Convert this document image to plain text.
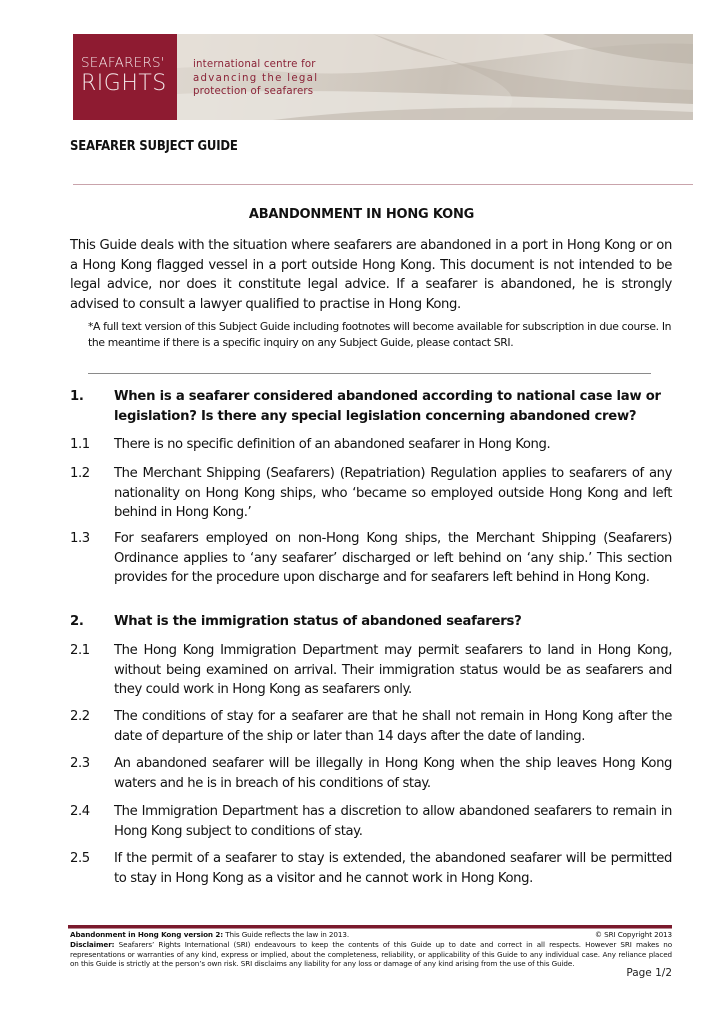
SEAFARERS'
RIGHTS
international centre for
advancing the legal
protection of seafarers
SEAFARER SUBJECT GUIDE
ABANDONMENT IN HONG KONG
This Guide deals with the situation where seafarers are abandoned in a port in Hong Kong or on a Hong Kong flagged vessel in a port outside Hong Kong. This document is not intended to be legal advice, nor does it constitute legal advice. If a seafarer is abandoned, he is strongly advised to consult a lawyer qualified to practise in Hong Kong.
*A full text version of this Subject Guide including footnotes will become available for subscription in due course. In the meantime if there is a specific inquiry on any Subject Guide, please contact SRI.
1. When is a seafarer considered abandoned according to national case law or legislation? Is there any special legislation concerning abandoned crew?
1.1 There is no specific definition of an abandoned seafarer in Hong Kong.
1.2 The Merchant Shipping (Seafarers) (Repatriation) Regulation applies to seafarers of any nationality on Hong Kong ships, who ‘became so employed outside Hong Kong and left behind in Hong Kong.’
1.3 For seafarers employed on non-Hong Kong ships, the Merchant Shipping (Seafarers) Ordinance applies to ‘any seafarer’ discharged or left behind on ‘any ship.’ This section provides for the procedure upon discharge and for seafarers left behind in Hong Kong.
2. What is the immigration status of abandoned seafarers?
2.1 The Hong Kong Immigration Department may permit seafarers to land in Hong Kong, without being examined on arrival. Their immigration status would be as seafarers and they could work in Hong Kong as seafarers only.
2.2 The conditions of stay for a seafarer are that he shall not remain in Hong Kong after the date of departure of the ship or later than 14 days after the date of landing.
2.3 An abandoned seafarer will be illegally in Hong Kong when the ship leaves Hong Kong waters and he is in breach of his conditions of stay.
2.4 The Immigration Department has a discretion to allow abandoned seafarers to remain in Hong Kong subject to conditions of stay.
2.5 If the permit of a seafarer to stay is extended, the abandoned seafarer will be permitted to stay in Hong Kong as a visitor and he cannot work in Hong Kong.
Abandonment in Hong Kong version 2: This Guide reflects the law in 2013.	© SRI Copyright 2013
Disclaimer: Seafarers’ Rights International (SRI) endeavours to keep the contents of this Guide up to date and correct in all respects. However SRI makes no representations or warranties of any kind, express or implied, about the completeness, reliability, or applicability of this Guide to any individual case. Any reliance placed on this Guide is strictly at the person’s own risk. SRI disclaims any liability for any loss or damage of any kind arising from the use of this Guide.
Page 1/2
